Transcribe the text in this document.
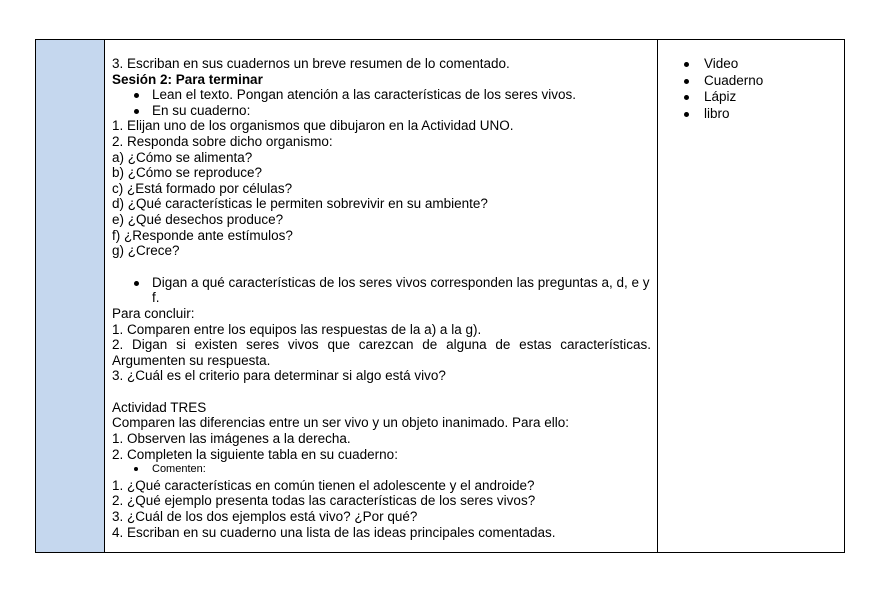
3. Escriban en sus cuadernos un breve resumen de lo comentado.
Sesión 2: Para terminar
Lean el texto. Pongan atención a las características de los seres vivos.
En su cuaderno:
1. Elijan uno de los organismos que dibujaron en la Actividad UNO.
2. Responda sobre dicho organismo:
a) ¿Cómo se alimenta?
b) ¿Cómo se reproduce?
c) ¿Está formado por células?
d) ¿Qué características le permiten sobrevivir en su ambiente?
e) ¿Qué desechos produce?
f) ¿Responde ante estímulos?
g) ¿Crece?
Digan a qué características de los seres vivos corresponden las preguntas a, d, e y f.
Para concluir:
1. Comparen entre los equipos las respuestas de la a) a la g).
2. Digan si existen seres vivos que carezcan de alguna de estas características. Argumenten su respuesta.
3. ¿Cuál es el criterio para determinar si algo está vivo?
Actividad TRES
Comparen las diferencias entre un ser vivo y un objeto inanimado. Para ello:
1. Observen las imágenes a la derecha.
2. Completen la siguiente tabla en su cuaderno:
Comenten:
1. ¿Qué características en común tienen el adolescente y el androide?
2. ¿Qué ejemplo presenta todas las características de los seres vivos?
3. ¿Cuál de los dos ejemplos está vivo? ¿Por qué?
4. Escriban en su cuaderno una lista de las ideas principales comentadas.
Video
Cuaderno
Lápiz
libro
